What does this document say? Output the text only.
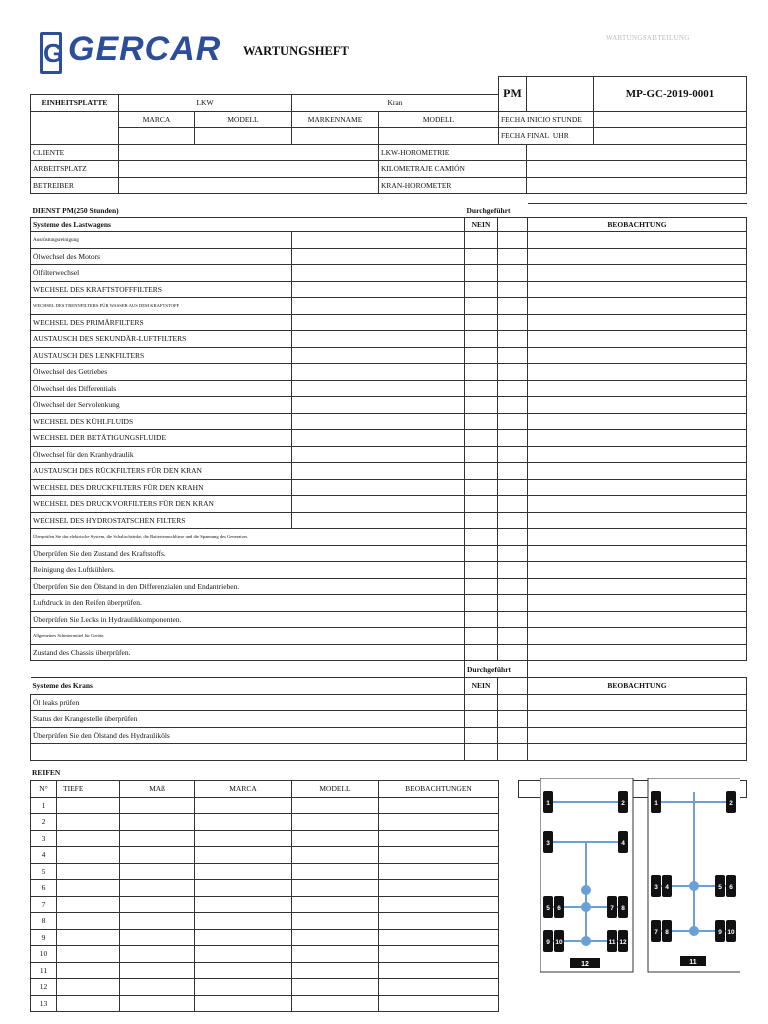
G GERCAR WARTUNGSHEFT
WARTUNGSABTEILUNG
					PM		MP-GC-2019-0001
EINHEITSPLATTE	LKW		Kran				
	MARCA	MODELL	MARKENNAME	MODELL	FECHA INICIO STUNDE		
					FECHA FINAL UHR		
CLIENTE				LKW-HOROMETRIE			
ARBEITSPLATZ				KILOMETRAJE CAMIÓN			
BETREIBER				KRAN-HOROMETER			
DIENST PM(250 Stunden)		Durchgeführt		
Systeme des Lastwagens		NEIN		BEOBACHTUNG
Ausrüstungsreinigung				
Ölwechsel des Motors				
Ölfilterwechsel				
WECHSEL DES KRAFTSTOFFFILTERS				
WECHSEL DES TRENNFILTERS FÜR WASSER AUS DEM KRAFTSTOFF				
WECHSEL DES PRIMÄRFILTERS				
AUSTAUSCH DES SEKUNDÄR-LUFTFILTERS				
AUSTAUSCH DES LENKFILTERS				
Ölwechsel des Getriebes				
Ölwechsel des Differentials				
Ölwechsel der Servolenkung				
WECHSEL DES KÜHLFLUIDS				
WECHSEL DER BETÄTIGUNGSFLUIDE				
Ölwechsel für den Kranhydraulik				
AUSTAUSCH DES RÜCKFILTERS FÜR DEN KRAN				
WECHSEL DES DRUCKFILTERS FÜR DEN KRAHN				
WECHSEL DES DRUCKVORFILTERS FÜR DEN KRAN				
WECHSEL DES HYDROSTATSCHEN FILTERS				
Überprüfen Sie das elektrische System, die Schaltschränke, die Batterieanschlüsse und die Spannung des Generators.				
Überprüfen Sie den Zustand des Kraftstoffs.				
Reinigung des Luftkühlers.				
Überprüfen Sie den Ölstand in den Differenzialen und Endantrieben.				
Luftdruck in den Reifen überprüfen.				
Überprüfen Sie Lecks in Hydraulikkomponenten.				
Allgemeines Schmiermittel für Geräte.				
Zustand des Chassis überprüfen.				
	Durchgeführt		
Systeme des Krans	NEIN		BEOBACHTUNG
Öl leaks prüfen			
Status der Krangestelle überprüfen			
Überprüfen Sie den Ölstand des Hydrauliköls			

REIFEN
N°	TIEFE	MAß	MARCA	MODELL	BEOBACHTUNGEN		
1							
2							
3							
4							
5							
6							
7							
8							
9							
10							
11							
12							
13							
1	2
3	4
5 6	7 8
9 10	11 12
12
1	2
3 4	5 6
7 8	9 10
11
